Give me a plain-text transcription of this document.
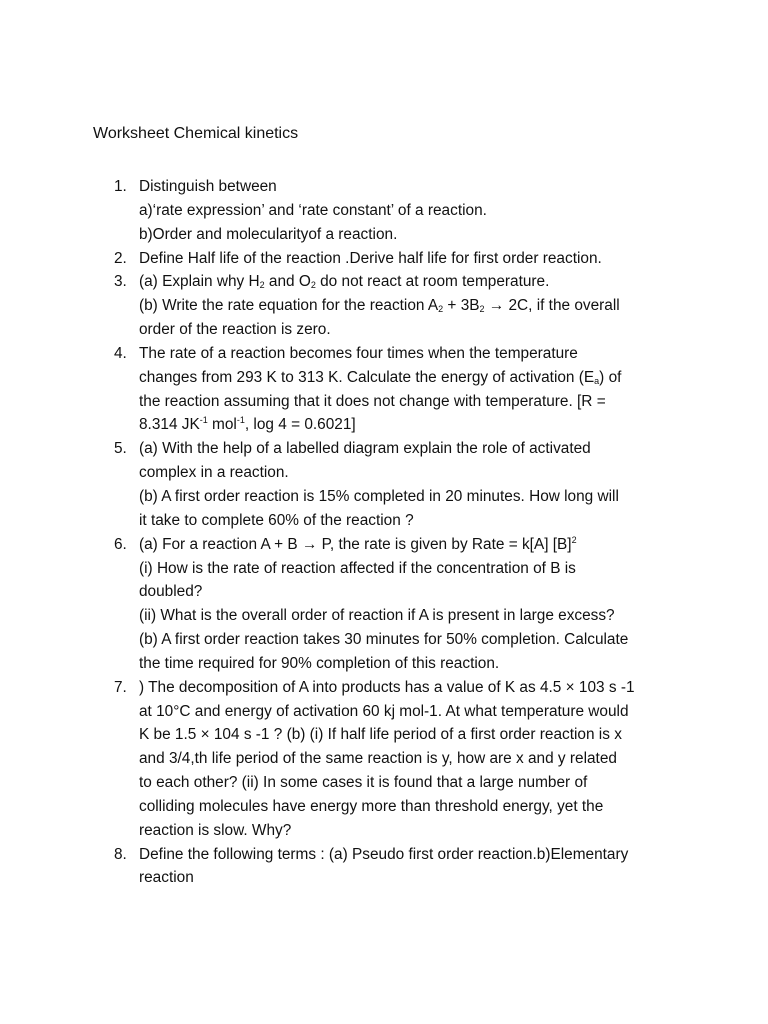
Worksheet Chemical kinetics
1. Distinguish between
a)‘rate expression’ and ‘rate constant’ of a reaction.
b)Order and molecularityof a reaction.
2. Define Half life of the reaction .Derive half life for first order reaction.
3. (a) Explain why $H_2$ and $O_2$ do not react at room temperature.
(b) Write the rate equation for the reaction $A_2 + 3B_2 \to 2C$, if the overall
order of the reaction is zero.
4. The rate of a reaction becomes four times when the temperature
changes from 293 K to 313 K. Calculate the energy of activation $(E_a)$ of
the reaction assuming that it does not change with temperature. [R =
8.314 $JK^{-1}$ mol$^{-1}$, log 4 = 0.6021]
5. (a) With the help of a labelled diagram explain the role of activated
complex in a reaction.
(b) A first order reaction is 15% completed in 20 minutes. How long will
it take to complete 60% of the reaction ?
6. (a) For a reaction A + B → P, the rate is given by Rate = k[A] $[B]^2$
(i) How is the rate of reaction affected if the concentration of B is
doubled?
(ii) What is the overall order of reaction if A is present in large excess?
(b) A first order reaction takes 30 minutes for 50% completion. Calculate
the time required for 90% completion of this reaction.
7. ) The decomposition of A into products has a value of K as 4.5 × 103 s -1
at 10°C and energy of activation 60 kj mol-1. At what temperature would
K be 1.5 × 104 s -1 ? (b) (i) If half life period of a first order reaction is x
and 3/4,th life period of the same reaction is y, how are x and y related
to each other? (ii) In some cases it is found that a large number of
colliding molecules have energy more than threshold energy, yet the
reaction is slow. Why?
8. Define the following terms : (a) Pseudo first order reaction.b)Elementary
reaction
